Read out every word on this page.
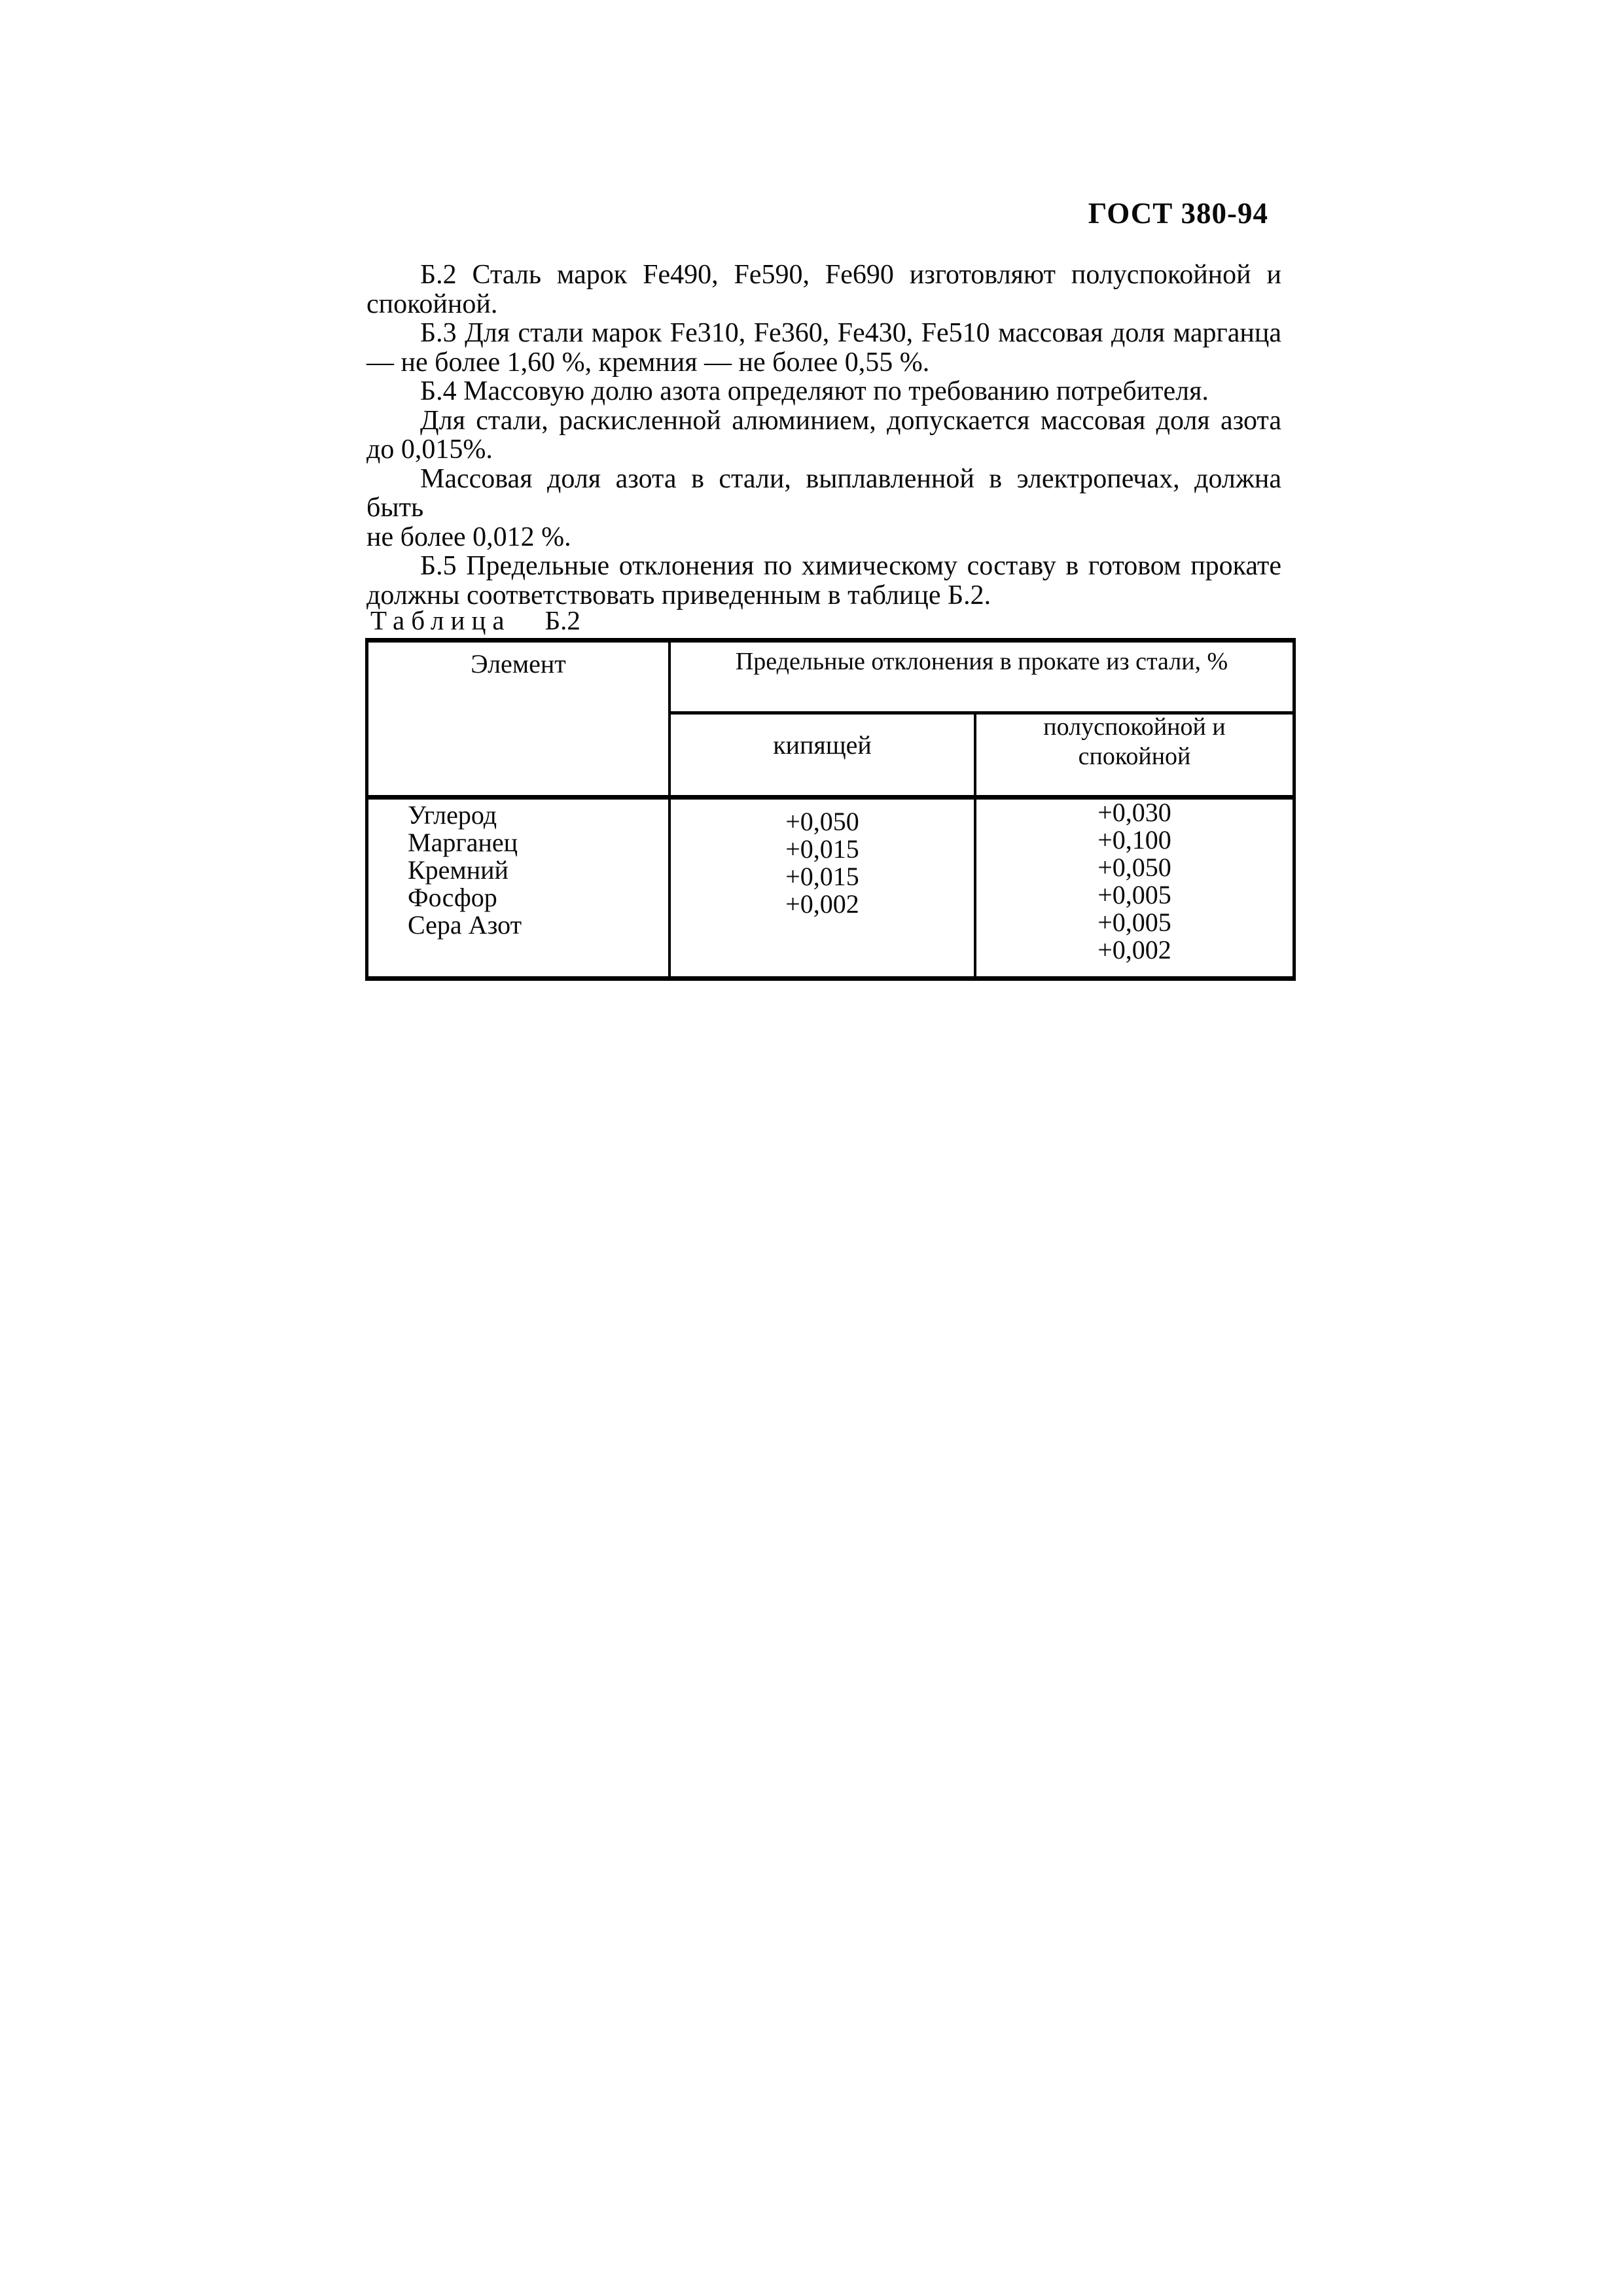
ГОСТ 380-94
Б.2 Сталь марок Fe490, Fe590, Fe690 изготовляют полуспокойной и
спокойной.
Б.3 Для стали марок Fe310, Fe360, Fe430, Fe510 массовая доля марганца
— не более 1,60 %, кремния — не более 0,55 %.
Б.4 Массовую долю азота определяют по требованию потребителя.
Для стали, раскисленной алюминием, допускается массовая доля азота
до 0,015%.
Массовая доля азота в стали, выплавленной в электропечах, должна быть
не более 0,012 %.
Б.5 Предельные отклонения по химическому составу в готовом прокате
должны соответствовать приведенным в таблице Б.2.
Таблица Б.2
Элемент	Предельные отклонения в прокате из стали, %
кипящей
полуспокойной и
спокойной
Углерод
Марганец
Кремний
Фосфор
Сера Азот
+0,050
+0,015
+0,015
+0,002
+0,030
+0,100
+0,050
+0,005
+0,005
+0,002
